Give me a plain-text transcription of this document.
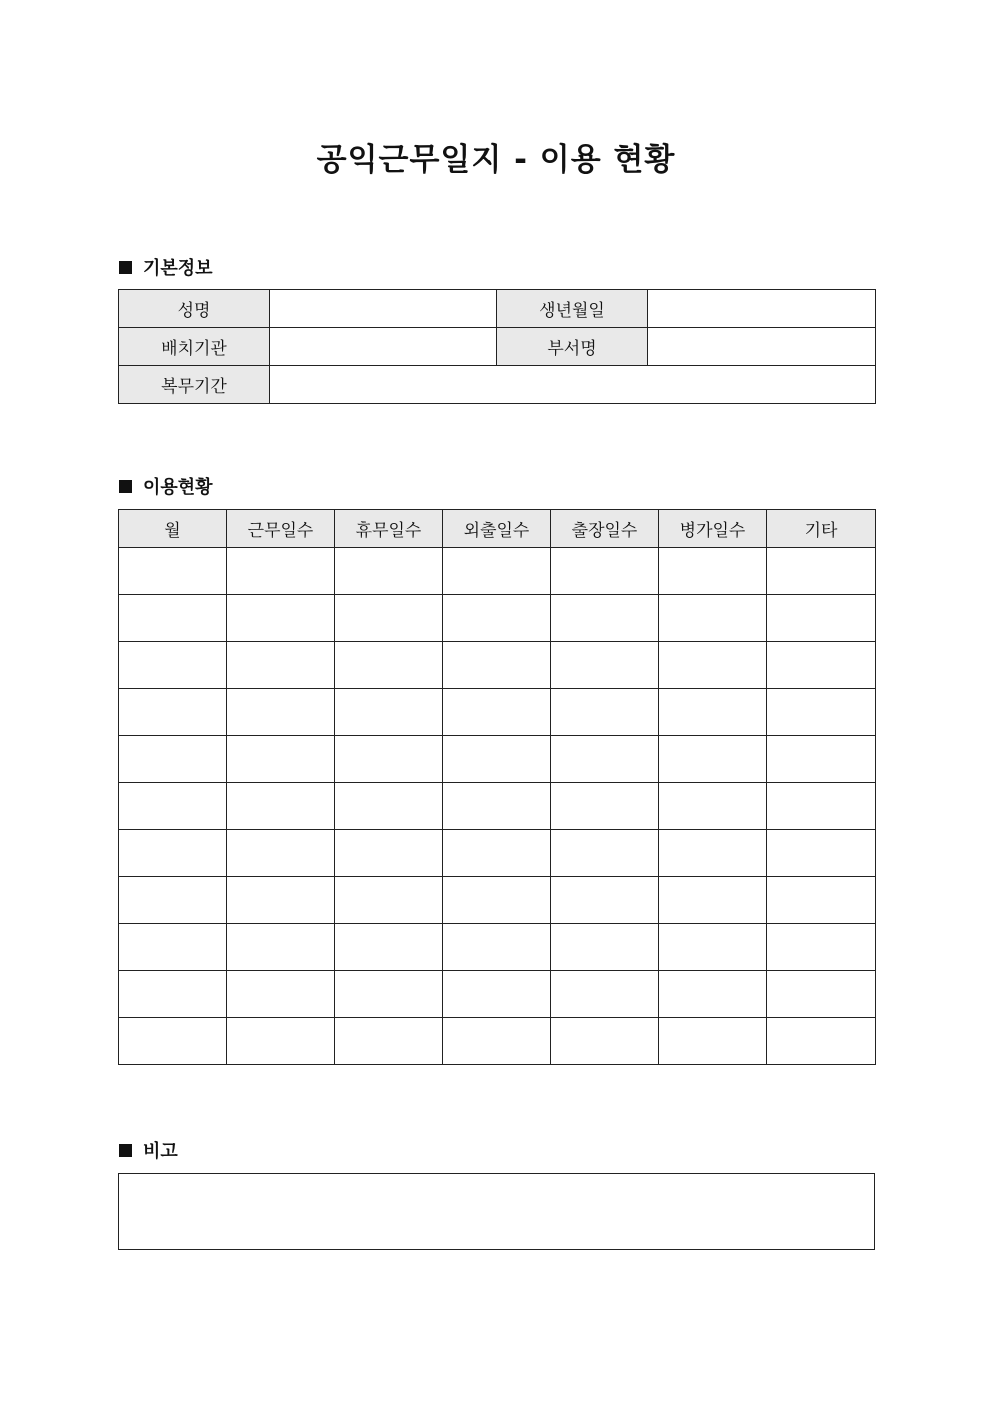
공익근무일지 - 이용 현황
기본정보
성명		생년월일	
배치기관		부서명	
복무기간			
이용현황
월	근무일수	휴무일수	외출일수	출장일수	병가일수	기타

비고
